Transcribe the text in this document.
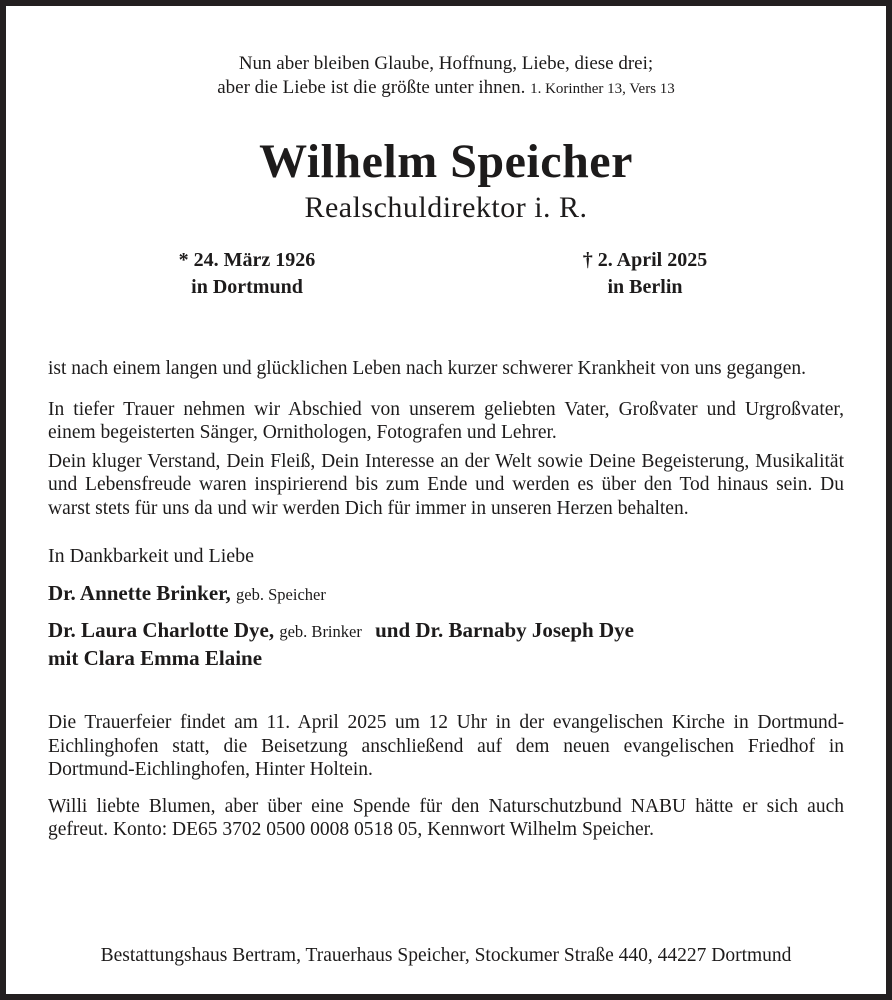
Nun aber bleiben Glaube, Hoffnung, Liebe, diese drei;
aber die Liebe ist die größte unter ihnen. 1. Korinther 13, Vers 13
Wilhelm Speicher
Realschuldirektor i. R.
* 24. März 1926
in Dortmund
† 2. April 2025
in Berlin

ist nach einem langen und glücklichen Leben nach kurzer schwerer Krankheit von uns gegangen.

In tiefer Trauer nehmen wir Abschied von unserem geliebten Vater, Großvater und Urgroßvater, einem begeisterten Sänger, Ornithologen, Fotografen und Lehrer.

Dein kluger Verstand, Dein Fleiß, Dein Interesse an der Welt sowie Deine Begeisterung, Musikalität und Lebensfreude waren inspirierend bis zum Ende und werden es über den Tod hinaus sein. Du warst stets für uns da und wir werden Dich für immer in unseren Herzen behalten.

In Dankbarkeit und Liebe

Dr. Annette Brinker, geb. Speicher

Dr. Laura Charlotte Dye, geb. Brinker und Dr. Barnaby Joseph Dye
mit Clara Emma Elaine

Die Trauerfeier findet am 11. April 2025 um 12 Uhr in der evangelischen Kirche in Dortmund-Eichlinghofen statt, die Beisetzung anschließend auf dem neuen evangelischen Friedhof in Dortmund-Eichlinghofen, Hinter Holtein.

Willi liebte Blumen, aber über eine Spende für den Naturschutzbund NABU hätte er sich auch gefreut. Konto: DE65 3702 0500 0008 0518 05, Kennwort Wilhelm Speicher.

Bestattungshaus Bertram, Trauerhaus Speicher, Stockumer Straße 440, 44227 Dortmund
